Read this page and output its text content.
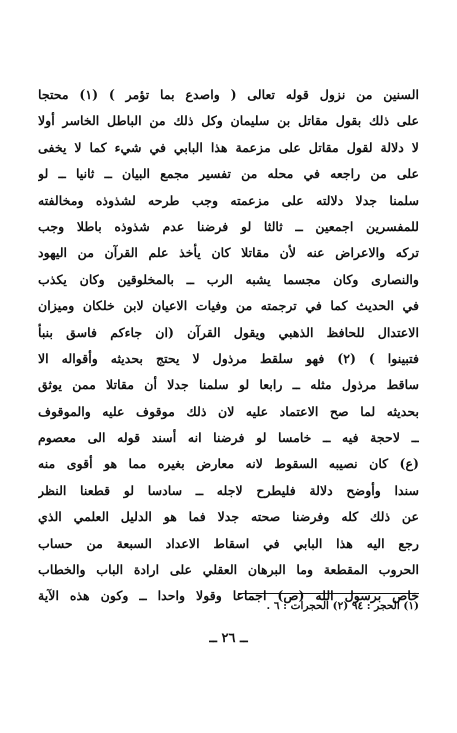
السنين من نزول قوله تعالى ( واصدع بما تؤمر ) (١) محتجا
على ذلك بقول مقاتل بن سليمان وكل ذلك من الباطل الخاسر أولا
لا دلالة لقول مقاتل على مزعمة هذا البابي في شيء كما لا يخفى
على من راجعه في محله من تفسير مجمع البيان ــ ثانيا ــ لو
سلمنا جدلا دلالته على مزعمته وجب طرحه لشذوذه ومخالفته
للمفسرين اجمعين ــ ثالثا لو فرضنا عدم شذوذه باطلا وجب
تركه والاعراض عنه لأن مقاتلا كان يأخذ علم القرآن من اليهود
والنصارى وكان مجسما يشبه الرب ــ بالمخلوقين وكان يكذب
في الحديث كما في ترجمته من وفيات الاعيان لابن خلكان وميزان
الاعتدال للحافظ الذهبي ويقول القرآن (ان جاءكم فاسق بنبأ
فتبينوا ) (٢) فهو سلقط مرذول لا يحتج بحديثه وأقواله الا
ساقط مرذول مثله ــ رابعا لو سلمنا جدلا أن مقاتلا ممن يوثق
بحديثه لما صح الاعتماد عليه لان ذلك موقوف عليه والموقوف
ــ لاحجة فيه ــ خامسا لو فرضنا انه أسند قوله الى معصوم
(ع) كان نصيبه السقوط لانه معارض بغيره مما هو أقوى منه
سندا وأوضح دلالة فليطرح لاجله ــ سادسا لو قطعنا النظر
عن ذلك كله وفرضنا صحته جدلا فما هو الدليل العلمي الذي
رجع اليه هذا البابي في اسقاط الاعداد السبعة من حساب
الحروب المقطعة وما البرهان العقلي على ارادة الباب والخطاب
خاص برسول الله (ص) اجماعا وقولا واحدا ــ وكون هذه الآية
(١) الحجر : ٩٤ (٢) الحجرات : ٦ .
ــ ٢٦ ــ
